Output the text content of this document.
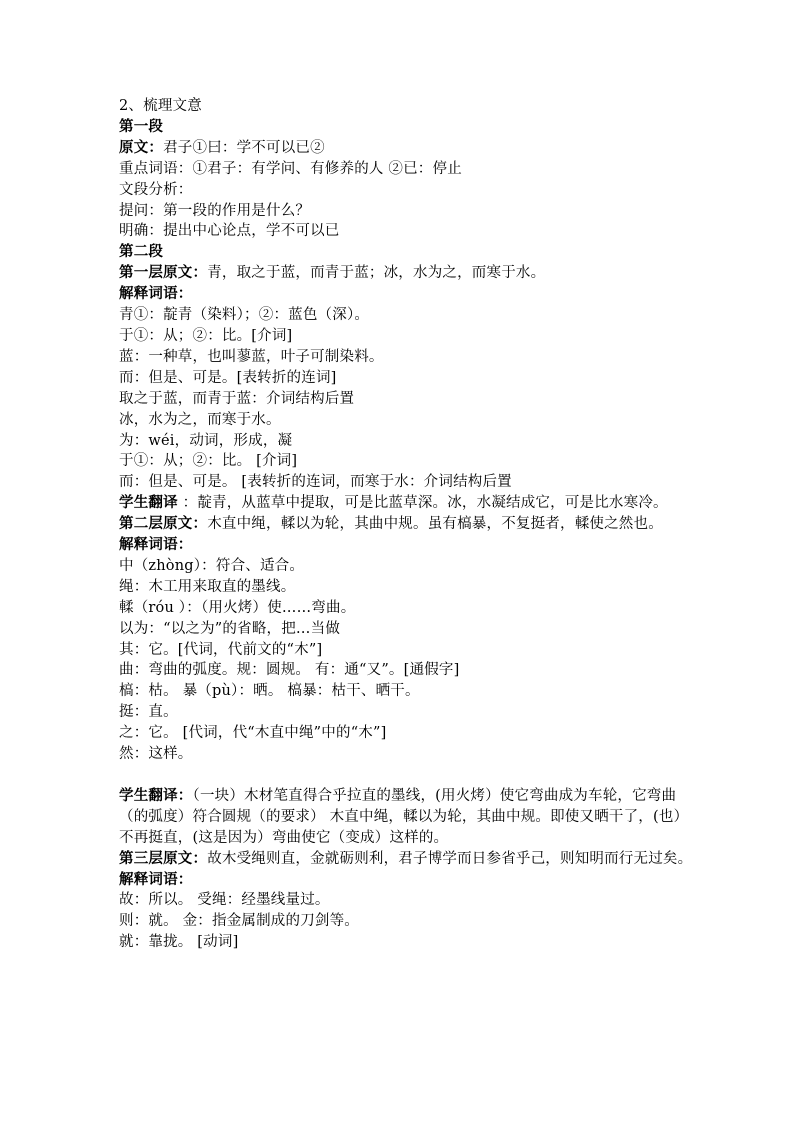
2、梳理文意

第一段

原文：君子①曰：学不可以已②

重点词语：①君子：有学问、有修养的人 ②已：停止

文段分析：

提问：第一段的作用是什么？

明确：提出中心论点，学不可以已

第二段

第一层原文：青，取之于蓝，而青于蓝；冰，水为之，而寒于水。

解释词语：

青①：靛青（染料）；②：蓝色（深）。

于①：从；②：比。[介词]

蓝：一种草，也叫蓼蓝，叶子可制染料。

而：但是、可是。[表转折的连词]

取之于蓝，而青于蓝：介词结构后置

冰，水为之，而寒于水。

为：wéi，动词，形成，凝

于①：从；②：比。 [介词]

而：但是、可是。 [表转折的连词，而寒于水：介词结构后置

学生翻译 ：靛青，从蓝草中提取，可是比蓝草深。冰，水凝结成它，可是比水寒冷。

第二层原文：木直中绳，輮以为轮，其曲中规。虽有槁暴，不复挺者，輮使之然也。

解释词语：

中（zhòng）：符合、适合。

绳：木工用来取直的墨线。

輮（róu ）：（用火烤）使……弯曲。

以为：“以之为”的省略，把…当做

其：它。[代词，代前文的“木”]

曲：弯曲的弧度。规：圆规。 有：通“又”。[通假字]

槁：枯。 暴（pù）：晒。 槁暴：枯干、晒干。

挺：直。

之：它。 [代词，代“木直中绳”中的“木”]

然：这样。

学生翻译：（一块）木材笔直得合乎拉直的墨线，(用火烤）使它弯曲成为车轮，它弯曲（的弧度）符合圆规（的要求） 木直中绳，輮以为轮，其曲中规。即使又晒干了，(也）不再挺直，(这是因为）弯曲使它（变成）这样的。

第三层原文：故木受绳则直，金就砺则利，君子博学而日参省乎己，则知明而行无过矣。

解释词语：

故：所以。 受绳：经墨线量过。

则：就。 金：指金属制成的刀剑等。

就：靠拢。 [动词]
